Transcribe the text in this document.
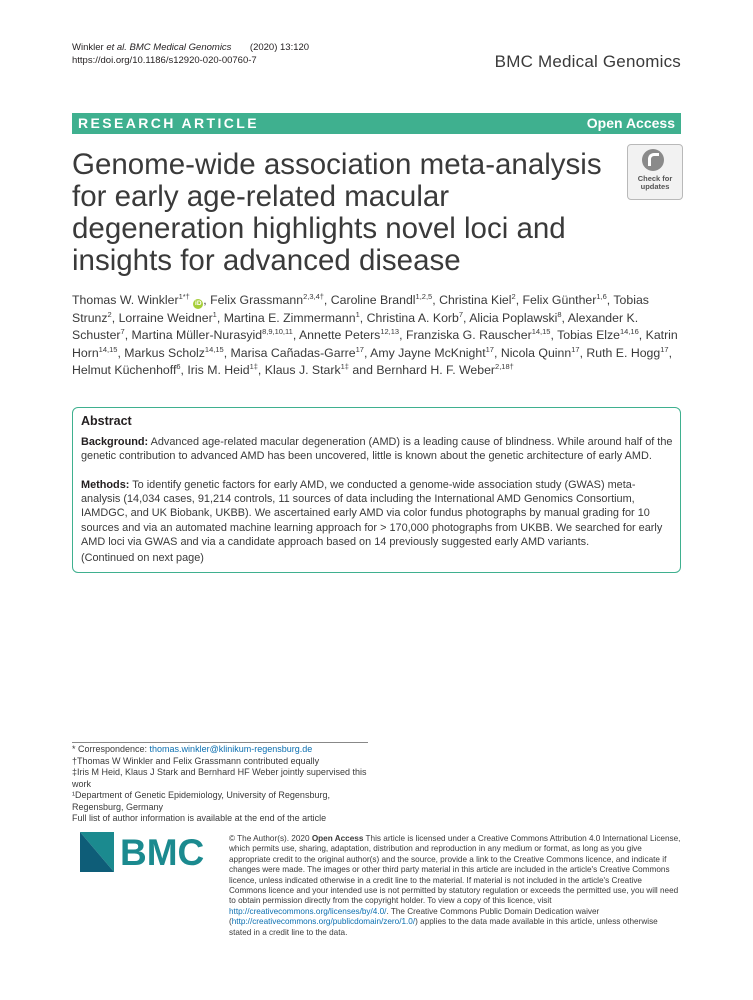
Winkler et al. BMC Medical Genomics (2020) 13:120
https://doi.org/10.1186/s12920-020-00760-7	BMC Medical Genomics
RESEARCH ARTICLE	Open Access
Genome-wide association meta-analysis for early age-related macular degeneration highlights novel loci and insights for advanced disease
Check for
updates
Thomas W. Winkler$^{1*\dagger}$ iD , Felix Grassmann$^{2,3,4\dagger}$, Caroline Brandl$^{1,2,5}$, Christina Kiel$^2$, Felix Günther$^{1,6}$, Tobias Strunz$^2$, Lorraine Weidner$^1$, Martina E. Zimmermann$^1$, Christina A. Korb$^7$, Alicia Poplawski$^8$, Alexander K. Schuster$^7$, Martina Müller-Nurasyid$^{8,9,10,11}$, Annette Peters$^{12,13}$, Franziska G. Rauscher$^{14,15}$, Tobias Elze$^{14,16}$, Katrin Horn$^{14,15}$, Markus Scholz$^{14,15}$, Marisa Cañadas-Garre$^{17}$, Amy Jayne McKnight$^{17}$, Nicola Quinn$^{17}$, Ruth E. Hogg$^{17}$, Helmut Küchenhoff$^6$, Iris M. Heid$^{1\ddagger}$, Klaus J. Stark$^{1\ddagger}$ and Bernhard H. F. Weber$^{2,18\dagger}$
Abstract
Background: Advanced age-related macular degeneration (AMD) is a leading cause of blindness. While around half of the genetic contribution to advanced AMD has been uncovered, little is known about the genetic architecture of early AMD.
Methods: To identify genetic factors for early AMD, we conducted a genome-wide association study (GWAS) meta-analysis (14,034 cases, 91,214 controls, 11 sources of data including the International AMD Genomics Consortium, IAMDGC, and UK Biobank, UKBB). We ascertained early AMD via color fundus photographs by manual grading for 10 sources and via an automated machine learning approach for > 170,000 photographs from UKBB. We searched for early AMD loci via GWAS and via a candidate approach based on 14 previously suggested early AMD variants.
(Continued on next page)
* Correspondence: thomas.winkler@klinikum-regensburg.de
†Thomas W Winkler and Felix Grassmann contributed equally
‡Iris M Heid, Klaus J Stark and Bernhard HF Weber jointly supervised this work
¹Department of Genetic Epidemiology, University of Regensburg, Regensburg, Germany
Full list of author information is available at the end of the article
BMC	© The Author(s). 2020 Open Access This article is licensed under a Creative Commons Attribution 4.0 International License, which permits use, sharing, adaptation, distribution and reproduction in any medium or format, as long as you give appropriate credit to the original author(s) and the source, provide a link to the Creative Commons licence, and indicate if changes were made. The images or other third party material in this article are included in the article's Creative Commons licence, unless indicated otherwise in a credit line to the material. If material is not included in the article's Creative Commons licence and your intended use is not permitted by statutory regulation or exceeds the permitted use, you will need to obtain permission directly from the copyright holder. To view a copy of this licence, visit http://creativecommons.org/licenses/by/4.0/. The Creative Commons Public Domain Dedication waiver (http://creativecommons.org/publicdomain/zero/1.0/) applies to the data made available in this article, unless otherwise stated in a credit line to the data.
